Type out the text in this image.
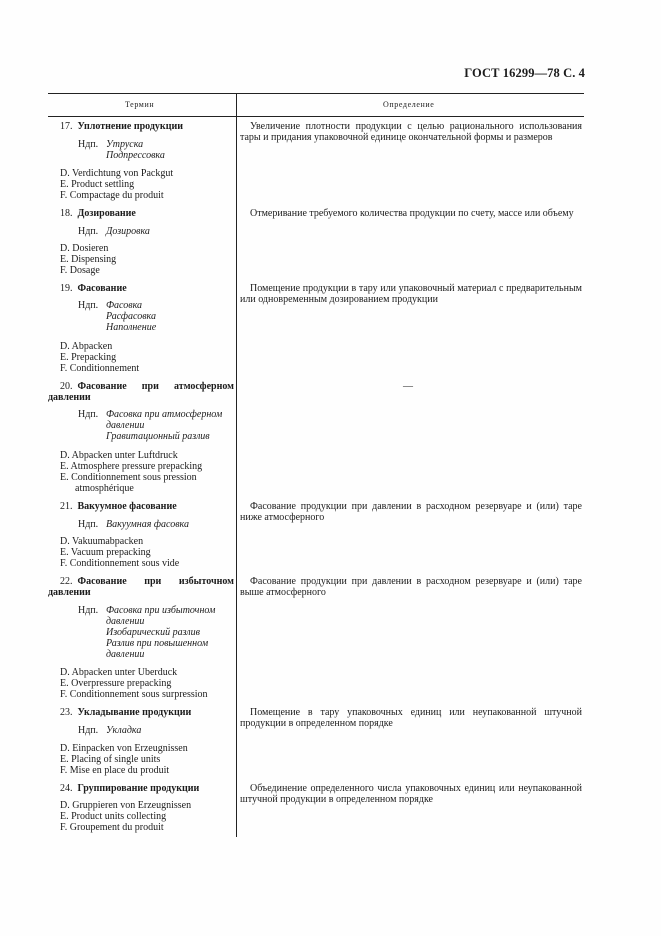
ГОСТ 16299—78 С. 4
Термин	Определение
17. Уплотнение продукции
Ндп. Утруска
Подпрессовка
D. Verdichtung von Packgut
E. Product settling
F. Compactage du produit
Увеличение плотности продукции с целью рационального использования тары и придания упаковочной единице окончательной формы и размеров
18. Дозирование
Ндп. Дозировка
D. Dosieren
E. Dispensing
F. Dosage
Отмеривание требуемого количества продукции по счету, массе или объему
19. Фасование
Ндп. Фасовка
Расфасовка
Наполнение
D. Abpacken
E. Prepacking
F. Conditionnement
Помещение продукции в тару или упаковочный материал с предварительным или одновременным дозированием продукции
20.  Фасование при атмосферном
давлении
Ндп. Фасовка при атмосферном
давлении
Гравитационный разлив
D. Abpacken unter Luftdruck
E. Atmosphere pressure prepacking
E. Conditionnement sous pression
atmosphérique
—
21. Вакуумное фасование
Ндп. Вакуумная фасовка
D. Vakuumabpacken
E. Vacuum prepacking
F. Conditionnement sous vide
Фасование продукции при давлении в расходном резервуаре и (или) таре ниже атмосферного
22.  Фасование при избыточном
давлении
Ндп. Фасовка при избыточном
давлении
Изобарический разлив
Разлив при повышенном
давлении
D. Abpacken unter Uberduck
E. Overpressure prepacking
F. Conditionnement sous surpression
Фасование продукции при давлении в расходном резервуаре и (или) таре выше атмосферного
23. Укладывание продукции
Ндп. Укладка
D. Einpacken von Erzeugnissen
E. Placing of single units
F. Mise en place du produit
Помещение в тару упаковочных единиц или неупакованной штучной продукции в определенном порядке
24. Группирование продукции
D. Gruppieren von Erzeugnissen
E. Product units collecting
F. Groupement du produit
Объединение определенного числа упаковочных единиц или неупакованной штучной продукции в определенном порядке
